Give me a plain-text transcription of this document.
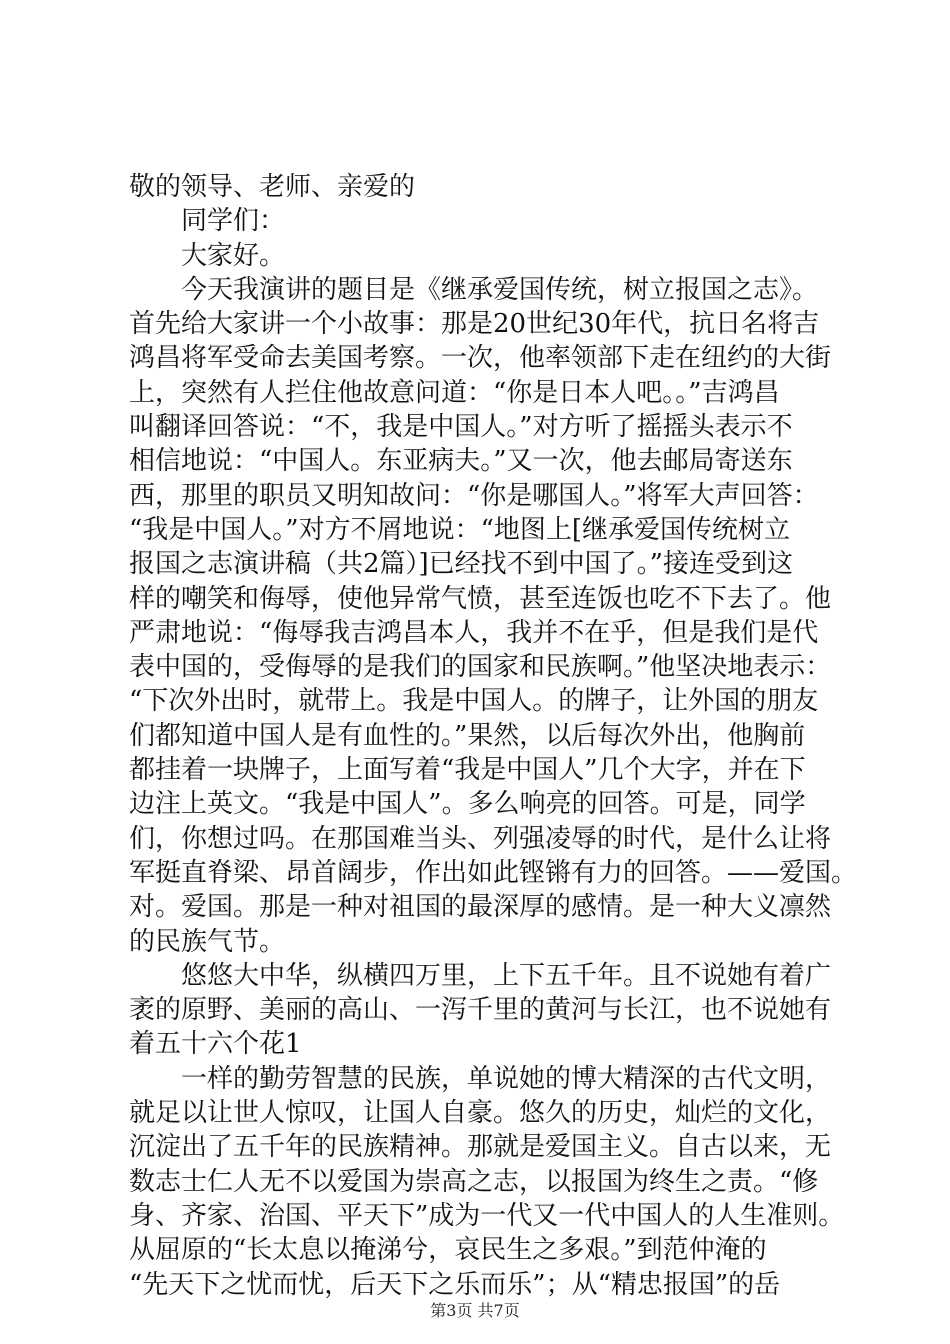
敬的领导、老师、亲爱的
同学们：
大家好。
今天我演讲的题目是《继承爱国传统，树立报国之志》。
首先给大家讲一个小故事：那是20世纪30年代，抗日名将吉
鸿昌将军受命去美国考察。一次，他率领部下走在纽约的大街
上，突然有人拦住他故意问道：“你是日本人吧。。”吉鸿昌
叫翻译回答说：“不，我是中国人。”对方听了摇摇头表示不
相信地说：“中国人。东亚病夫。”又一次，他去邮局寄送东
西，那里的职员又明知故问：“你是哪国人。”将军大声回答：
“我是中国人。”对方不屑地说：“地图上[继承爱国传统树立
报国之志演讲稿（共2篇）]已经找不到中国了。”接连受到这
样的嘲笑和侮辱，使他异常气愤，甚至连饭也吃不下去了。他
严肃地说：“侮辱我吉鸿昌本人，我并不在乎，但是我们是代
表中国的，受侮辱的是我们的国家和民族啊。”他坚决地表示：
“下次外出时，就带上。我是中国人。的牌子，让外国的朋友
们都知道中国人是有血性的。”果然，以后每次外出，他胸前
都挂着一块牌子，上面写着“我是中国人”几个大字，并在下
边注上英文。“我是中国人”。多么响亮的回答。可是，同学
们，你想过吗。在那国难当头、列强凌辱的时代，是什么让将
军挺直脊梁、昂首阔步，作出如此铿锵有力的回答。——爱国。
对。爱国。那是一种对祖国的最深厚的感情。是一种大义凛然
的民族气节。
悠悠大中华，纵横四万里，上下五千年。且不说她有着广
袤的原野、美丽的高山、一泻千里的黄河与长江，也不说她有
着五十六个花1
一样的勤劳智慧的民族，单说她的博大精深的古代文明，
就足以让世人惊叹，让国人自豪。悠久的历史，灿烂的文化，
沉淀出了五千年的民族精神。那就是爱国主义。自古以来，无
数志士仁人无不以爱国为崇高之志，以报国为终生之责。“修
身、齐家、治国、平天下”成为一代又一代中国人的人生准则。
从屈原的“长太息以掩涕兮，哀民生之多艰。”到范仲淹的
“先天下之忧而忧，后天下之乐而乐”；从“精忠报国”的岳
第3页 共7页
